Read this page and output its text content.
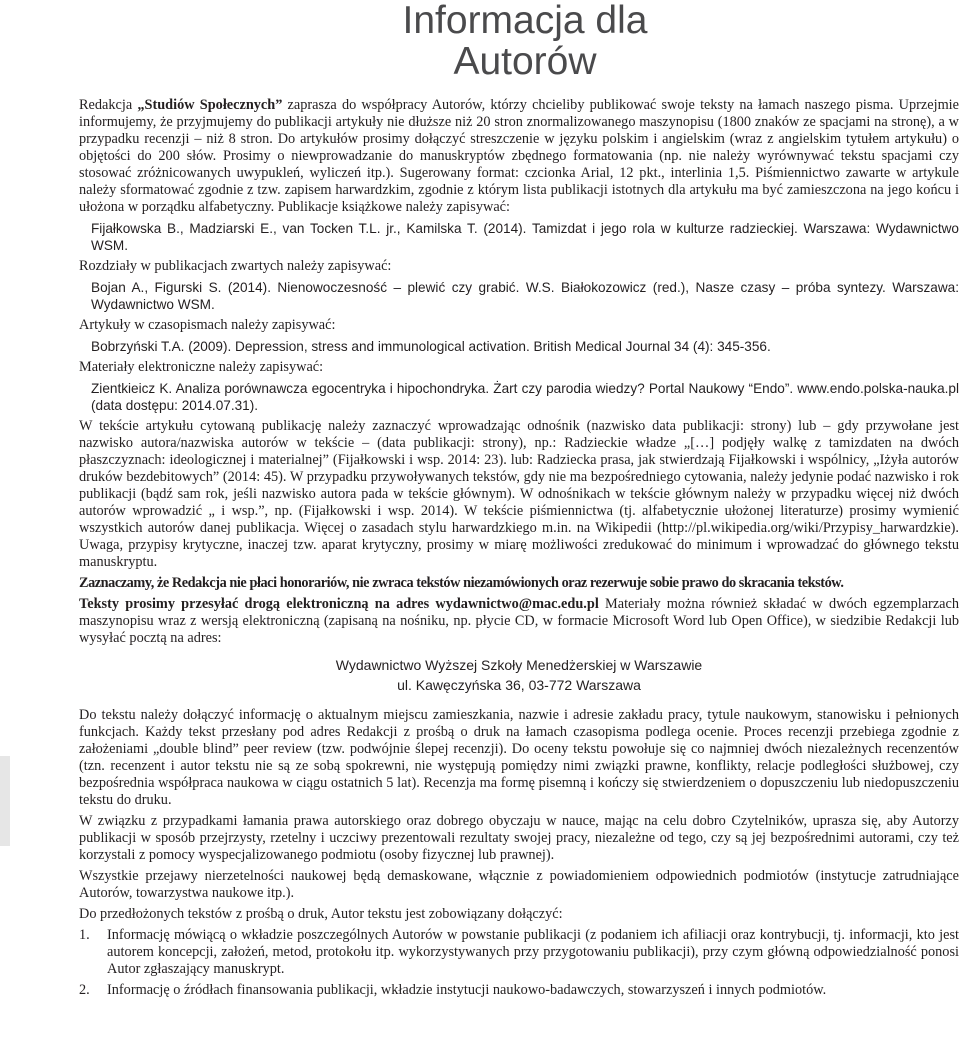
Informacja dla
Autorów

Redakcja „Studiów Społecznych” zaprasza do współpracy Autorów, którzy chcieliby publikować swoje teksty na łamach naszego pisma. Uprzejmie informujemy, że przyjmujemy do publikacji artykuły nie dłuższe niż 20 stron znormalizowanego maszynopisu (1800 znaków ze spacjami na stronę), a w przypadku recenzji – niż 8 stron. Do artykułów prosimy dołączyć streszczenie w języku polskim i angielskim (wraz z angielskim tytułem artykułu) o objętości do 200 słów. Prosimy o niewprowadzanie do manuskryptów zbędnego formatowania (np. nie należy wyrównywać tekstu spacjami czy stosować zróżnicowanych uwypukleń, wyliczeń itp.). Sugerowany format: czcionka Arial, 12 pkt., interlinia 1,5. Piśmiennictwo zawarte w artykule należy sformatować zgodnie z tzw. zapisem harwardzkim, zgodnie z którym lista publikacji istotnych dla artykułu ma być zamieszczona na jego końcu i ułożona w porządku alfabetyczny. Publikacje książkowe należy zapisywać:

Fijałkowska B., Madziarski E., van Tocken T.L. jr., Kamilska T. (2014). Tamizdat i jego rola w kulturze radzieckiej. Warszawa: Wydawnictwo WSM.

Rozdziały w publikacjach zwartych należy zapisywać:

Bojan A., Figurski S. (2014). Nienowoczesność – plewić czy grabić. W.S. Białokozowicz (red.), Nasze czasy – próba syntezy. Warszawa: Wydawnictwo WSM.

Artykuły w czasopismach należy zapisywać:

Bobrzyński T.A. (2009). Depression, stress and immunological activation. British Medical Journal 34 (4): 345-356.

Materiały elektroniczne należy zapisywać:

Zientkieicz K. Analiza porównawcza egocentryka i hipochondryka. Żart czy parodia wiedzy? Portal Naukowy “Endo”. www.endo.polska-nauka.pl (data dostępu: 2014.07.31).

W tekście artykułu cytowaną publikację należy zaznaczyć wprowadzając odnośnik (nazwisko data publikacji: strony) lub – gdy przywołane jest nazwisko autora/nazwiska autorów w tekście – (data publikacji: strony), np.: Radzieckie władze „[…] podjęły walkę z tamizdaten na dwóch płaszczyznach: ideologicznej i materialnej” (Fijałkowski i wsp. 2014: 23). lub: Radziecka prasa, jak stwierdzają Fijałkowski i wspólnicy, „Iżyła autorów druków bezdebitowych” (2014: 45). W przypadku przywoływanych tekstów, gdy nie ma bezpośredniego cytowania, należy jedynie podać nazwisko i rok publikacji (bądź sam rok, jeśli nazwisko autora pada w tekście głównym). W odnośnikach w tekście głównym należy w przypadku więcej niż dwóch autorów wprowadzić „ i wsp.”, np. (Fijałkowski i wsp. 2014). W tekście piśmiennictwa (tj. alfabetycznie ułożonej literaturze) prosimy wymienić wszystkich autorów danej publikacja. Więcej o zasadach stylu harwardzkiego m.in. na Wikipedii (http://pl.wikipedia.org/wiki/Przypisy_harwardzkie). Uwaga, przypisy krytyczne, inaczej tzw. aparat krytyczny, prosimy w miarę możliwości zredukować do minimum i wprowadzać do głównego tekstu manuskryptu.

Zaznaczamy, że Redakcja nie płaci honorariów, nie zwraca tekstów niezamówionych oraz rezerwuje sobie prawo do skracania tekstów.

Teksty prosimy przesyłać drogą elektroniczną na adres wydawnictwo@mac.edu.pl Materiały można również składać w dwóch egzemplarzach maszynopisu wraz z wersją elektroniczną (zapisaną na nośniku, np. płycie CD, w formacie Microsoft Word lub Open Office), w siedzibie Redakcji lub wysyłać pocztą na adres:

Wydawnictwo Wyższej Szkoły Menedżerskiej w Warszawie
ul. Kawęczyńska 36, 03-772 Warszawa

Do tekstu należy dołączyć informację o aktualnym miejscu zamieszkania, nazwie i adresie zakładu pracy, tytule naukowym, stanowisku i pełnionych funkcjach. Każdy tekst przesłany pod adres Redakcji z prośbą o druk na łamach czasopisma podlega ocenie. Proces recenzji przebiega zgodnie z założeniami „double blind” peer review (tzw. podwójnie ślepej recenzji). Do oceny tekstu powołuje się co najmniej dwóch niezależnych recenzentów (tzn. recenzent i autor tekstu nie są ze sobą spokrewni, nie występują pomiędzy nimi związki prawne, konflikty, relacje podległości służbowej, czy bezpośrednia współpraca naukowa w ciągu ostatnich 5 lat). Recenzja ma formę pisemną i kończy się stwierdzeniem o dopuszczeniu lub niedopuszczeniu tekstu do druku.

W związku z przypadkami łamania prawa autorskiego oraz dobrego obyczaju w nauce, mając na celu dobro Czytelników, uprasza się, aby Autorzy publikacji w sposób przejrzysty, rzetelny i uczciwy prezentowali rezultaty swojej pracy, niezależne od tego, czy są jej bezpośrednimi autorami, czy też korzystali z pomocy wyspecjalizowanego podmiotu (osoby fizycznej lub prawnej).

Wszystkie przejawy nierzetelności naukowej będą demaskowane, włącznie z powiadomieniem odpowiednich podmiotów (instytucje zatrudniające Autorów, towarzystwa naukowe itp.).

Do przedłożonych tekstów z prośbą o druk, Autor tekstu jest zobowiązany dołączyć:

1.	Informację mówiącą o wkładzie poszczególnych Autorów w powstanie publikacji (z podaniem ich afiliacji oraz kontrybucji, tj. informacji, kto jest autorem koncepcji, założeń, metod, protokołu itp. wykorzystywanych przy przygotowaniu publikacji), przy czym główną odpowiedzialność ponosi Autor zgłaszający manuskrypt.
2.	Informację o źródłach finansowania publikacji, wkładzie instytucji naukowo-badawczych, stowarzyszeń i innych podmiotów.
